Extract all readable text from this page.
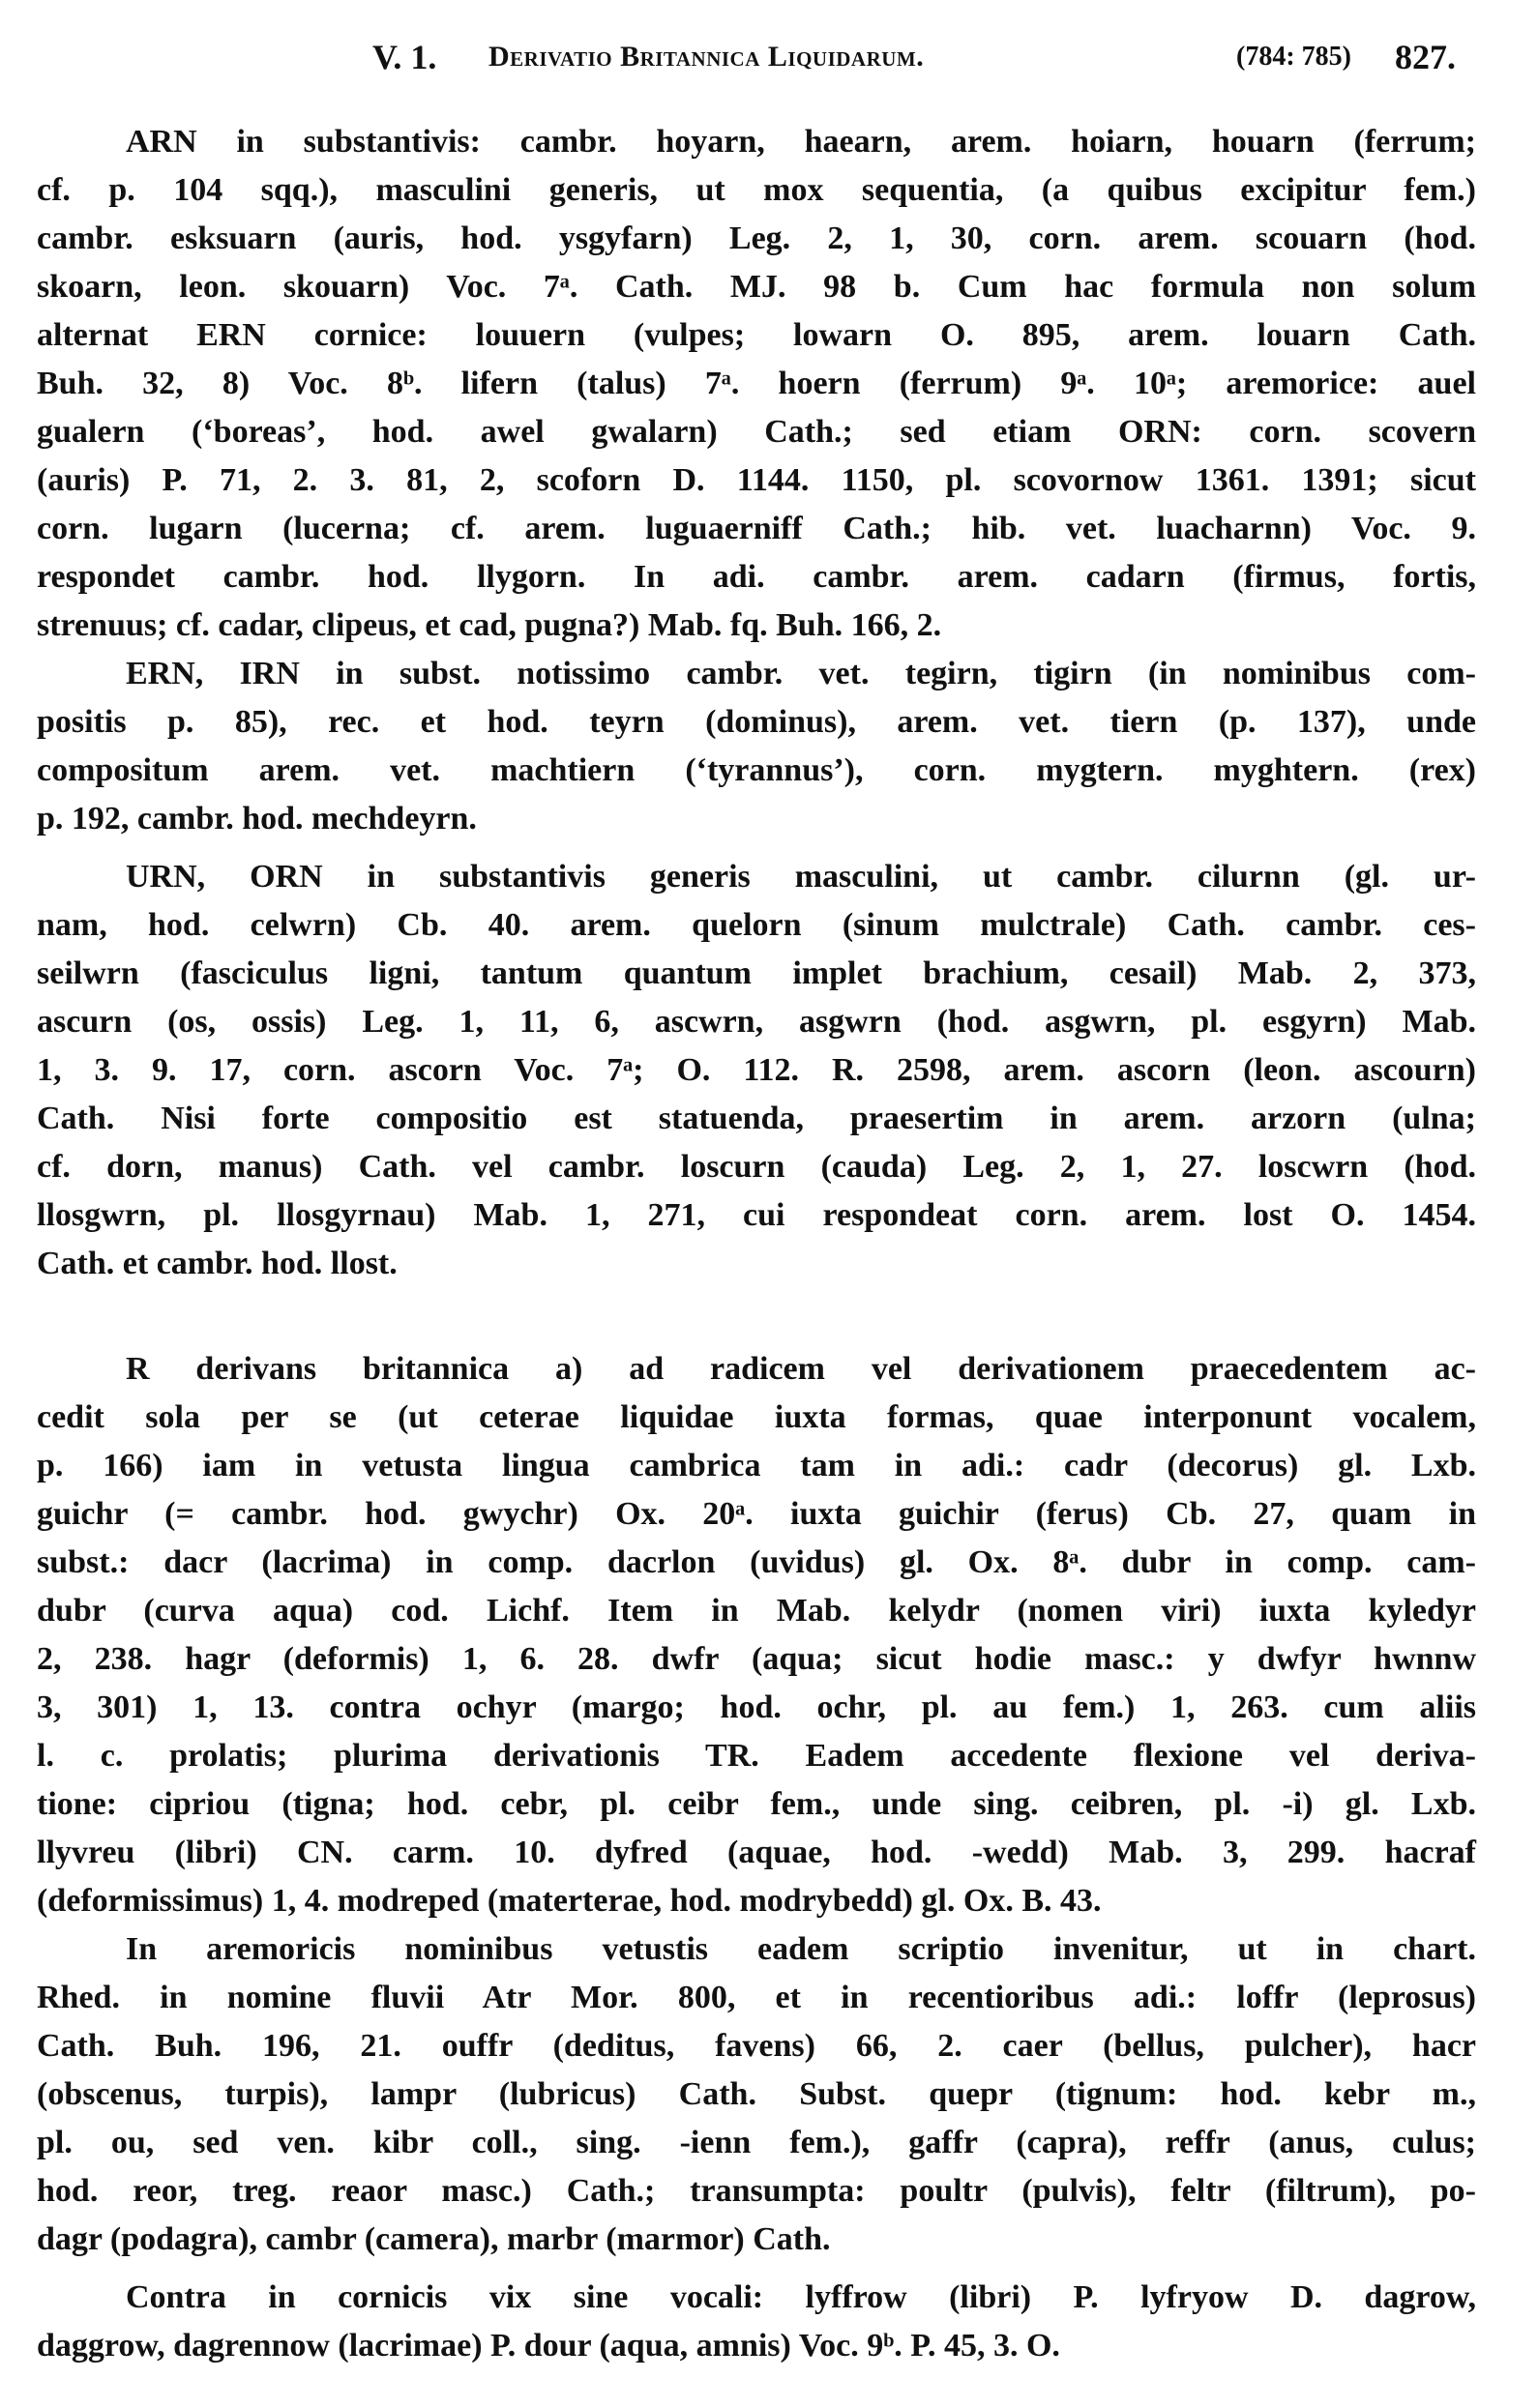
V. 1. Derivatio Britannica Liquidarum.	(784: 785) 827.
ARN in substantivis: cambr. hoyarn, haearn, arem. hoiarn, houarn (ferrum;
cf. p. 104 sqq.), masculini generis, ut mox sequentia, (a quibus excipitur fem.)
cambr. esksuarn (auris, hod. ysgyfarn) Leg. 2, 1, 30, corn. arem. scouarn (hod.
skoarn, leon. skouarn) Voc. 7ᵃ. Cath. MJ. 98 b. Cum hac formula non solum
alternat ERN cornice: louuern (vulpes; lowarn O. 895, arem. louarn Cath.
Buh. 32, 8) Voc. 8ᵇ. lifern (talus) 7ᵃ. hoern (ferrum) 9ᵃ. 10ᵃ; aremorice: auel
gualern (‘boreas’, hod. awel gwalarn) Cath.; sed etiam ORN: corn. scovern
(auris) P. 71, 2. 3. 81, 2, scoforn D. 1144. 1150, pl. scovornow 1361. 1391; sicut
corn. lugarn (lucerna; cf. arem. luguaerniff Cath.; hib. vet. luacharnn) Voc. 9.
respondet cambr. hod. llygorn. In adi. cambr. arem. cadarn (firmus, fortis,
strenuus; cf. cadar, clipeus, et cad, pugna?) Mab. fq. Buh. 166, 2.
ERN, IRN in subst. notissimo cambr. vet. tegirn, tigirn (in nominibus com-
positis p. 85), rec. et hod. teyrn (dominus), arem. vet. tiern (p. 137), unde
compositum arem. vet. machtiern (‘tyrannus’), corn. mygtern. myghtern. (rex)
p. 192, cambr. hod. mechdeyrn.
URN, ORN in substantivis generis masculini, ut cambr. cilurnn (gl. ur-
nam, hod. celwrn) Cb. 40. arem. quelorn (sinum mulctrale) Cath. cambr. ces-
seilwrn (fasciculus ligni, tantum quantum implet brachium, cesail) Mab. 2, 373,
ascurn (os, ossis) Leg. 1, 11, 6, ascwrn, asgwrn (hod. asgwrn, pl. esgyrn) Mab.
1, 3. 9. 17, corn. ascorn Voc. 7ᵃ; O. 112. R. 2598, arem. ascorn (leon. ascourn)
Cath. Nisi forte compositio est statuenda, praesertim in arem. arzorn (ulna;
cf. dorn, manus) Cath. vel cambr. loscurn (cauda) Leg. 2, 1, 27. loscwrn (hod.
llosgwrn, pl. llosgyrnau) Mab. 1, 271, cui respondeat corn. arem. lost O. 1454.
Cath. et cambr. hod. llost.
R derivans britannica a) ad radicem vel derivationem praecedentem ac-
cedit sola per se (ut ceterae liquidae iuxta formas, quae interponunt vocalem,
p. 166) iam in vetusta lingua cambrica tam in adi.: cadr (decorus) gl. Lxb.
guichr (= cambr. hod. gwychr) Ox. 20ᵃ. iuxta guichir (ferus) Cb. 27, quam in
subst.: dacr (lacrima) in comp. dacrlon (uvidus) gl. Ox. 8ᵃ. dubr in comp. cam-
dubr (curva aqua) cod. Lichf. Item in Mab. kelydr (nomen viri) iuxta kyledyr
2, 238. hagr (deformis) 1, 6. 28. dwfr (aqua; sicut hodie masc.: y dwfyr hwnnw
3, 301) 1, 13. contra ochyr (margo; hod. ochr, pl. au fem.) 1, 263. cum aliis
l. c. prolatis; plurima derivationis TR. Eadem accedente flexione vel deriva-
tione: cipriou (tigna; hod. cebr, pl. ceibr fem., unde sing. ceibren, pl. -i) gl. Lxb.
llyvreu (libri) CN. carm. 10. dyfred (aquae, hod. -wedd) Mab. 3, 299. hacraf
(deformissimus) 1, 4. modreped (materterae, hod. modrybedd) gl. Ox. B. 43.
In aremoricis nominibus vetustis eadem scriptio invenitur, ut in chart.
Rhed. in nomine fluvii Atr Mor. 800, et in recentioribus adi.: loffr (leprosus)
Cath. Buh. 196, 21. ouffr (deditus, favens) 66, 2. caer (bellus, pulcher), hacr
(obscenus, turpis), lampr (lubricus) Cath. Subst. quepr (tignum: hod. kebr m.,
pl. ou, sed ven. kibr coll., sing. -ienn fem.), gaffr (capra), reffr (anus, culus;
hod. reor, treg. reaor masc.) Cath.; transumpta: poultr (pulvis), feltr (filtrum), po-
dagr (podagra), cambr (camera), marbr (marmor) Cath.
Contra in cornicis vix sine vocali: lyffrow (libri) P. lyfryow D. dagrow,
daggrow, dagrennow (lacrimae) P. dour (aqua, amnis) Voc. 9ᵇ. P. 45, 3. O.
